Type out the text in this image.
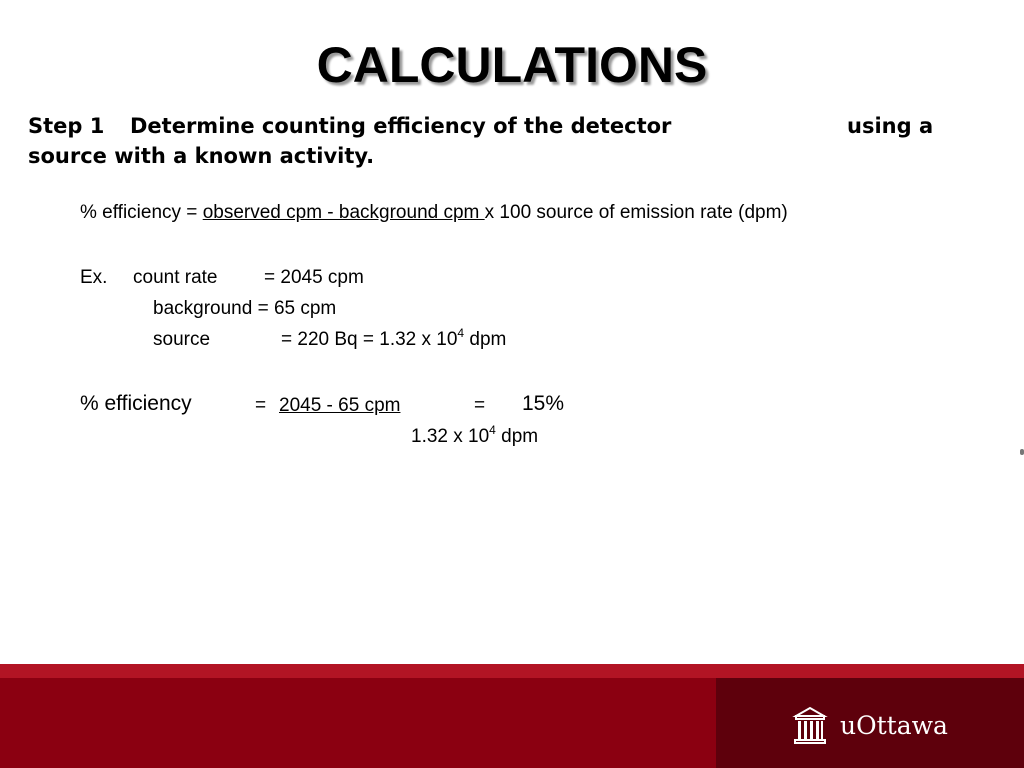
CALCULATIONS
Step 1 Determine counting efficiency of the detector	using a
source with a known activity.
% efficiency = observed cpm - background cpm x 100 source of emission rate (dpm)
Ex. count rate = 2045 cpm
background = 65 cpm
source	= 220 Bq = 1.32 x $10^4$ dpm
% efficiency	= 2045 - 65 cpm	= 15%
1.32 x $10^4$ dpm
uOttawa
